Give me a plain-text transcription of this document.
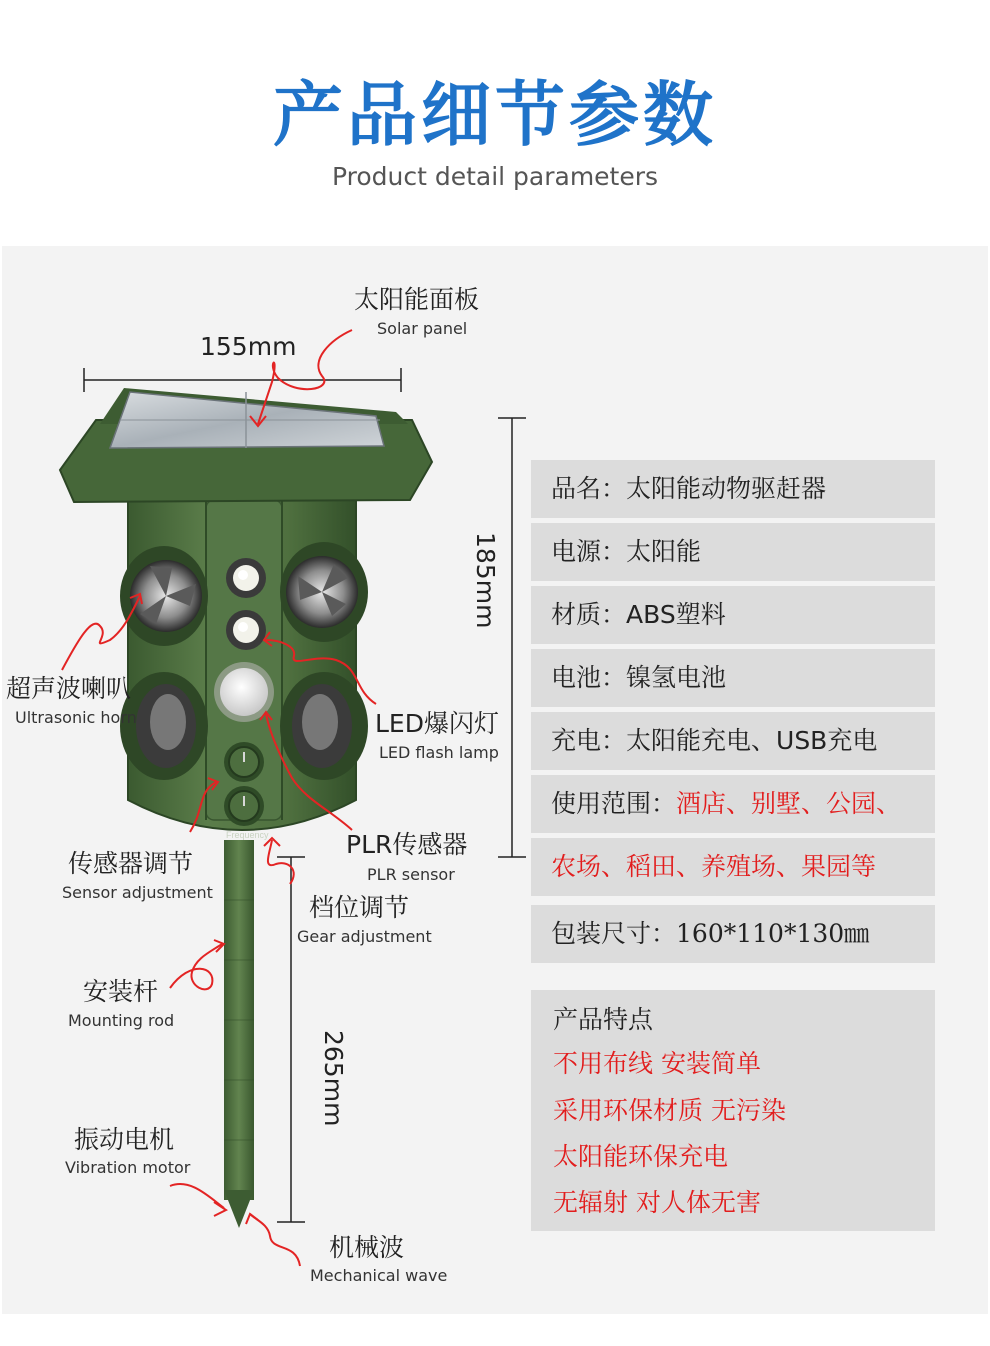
产品细节参数
Product detail parameters
Frequency
155mm
185mm
265mm
太阳能面板
Solar panel
超声波喇叭
Ultrasonic horn	LED爆闪灯
LED flash lamp
PLR传感器
PLR sensor
传感器调节
Sensor adjustment
档位调节
Gear adjustment
安装杆
Mounting rod
振动电机
Vibration motor
机械波
Mechanical wave
品名：太阳能动物驱赶器
电源：太阳能
材质：ABS塑料
电池：镍氢电池
充电：太阳能充电、USB充电
使用范围：酒店、别墅、公园、
农场、稻田、养殖场、果园等
包装尺寸：160*110*130㎜
产品特点
不用布线 安装简单
采用环保材质 无污染
太阳能环保充电
无辐射 对人体无害
